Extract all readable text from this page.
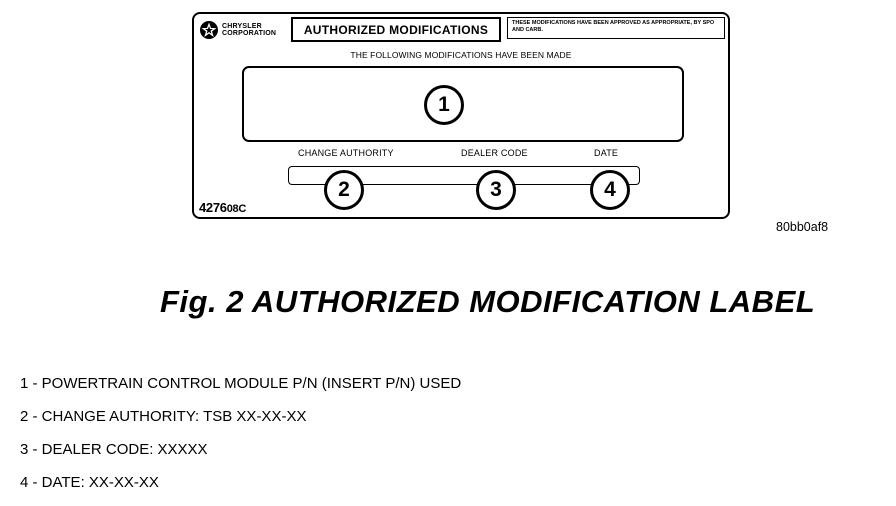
CHRYSLER
CORPORATION	AUTHORIZED MODIFICATIONS	THESE MODIFICATIONS HAVE BEEN APPROVED AS APPROPRIATE, BY SPO AND CARB.
THE FOLLOWING MODIFICATIONS HAVE BEEN MADE
1
CHANGE AUTHORITY	DEALER CODE	DATE
2	3	4
427608C
80bb0af8
Fig. 2 AUTHORIZED MODIFICATION LABEL
1 - POWERTRAIN CONTROL MODULE P/N (INSERT P/N) USED
2 - CHANGE AUTHORITY: TSB XX-XX-XX
3 - DEALER CODE: XXXXX
4 - DATE: XX-XX-XX
